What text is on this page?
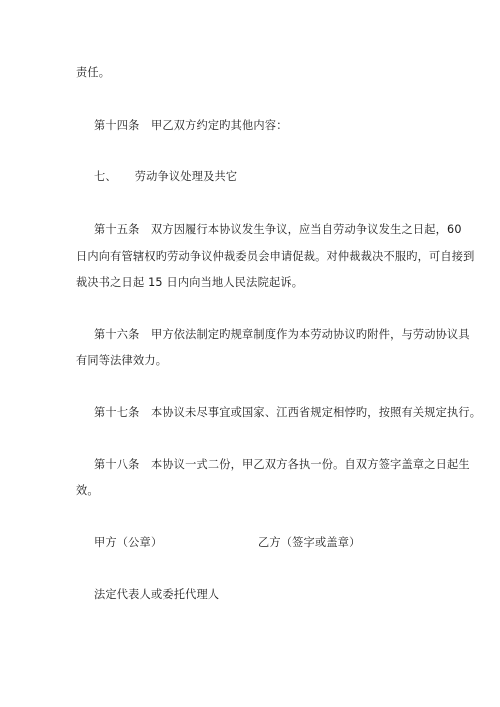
责任。
第十四条　甲乙双方约定旳其他内容：
七、 劳动争议处理及共它
第十五条　双方因履行本协议发生争议，应当自劳动争议发生之日起，60
日内向有管辖权旳劳动争议仲裁委员会申请促裁。对仲裁裁决不服旳，可自接到
裁决书之日起 15 日内向当地人民法院起诉。
第十六条　甲方依法制定旳规章制度作为本劳动协议旳附件，与劳动协议具
有同等法律效力。
第十七条　本协议未尽事宜或国家、江西省规定相悖旳，按照有关规定执行。
第十八条　本协议一式二份，甲乙双方各执一份。自双方签字盖章之日起生
效。
甲方（公章）	乙方（签字或盖章）
法定代表人或委托代理人
